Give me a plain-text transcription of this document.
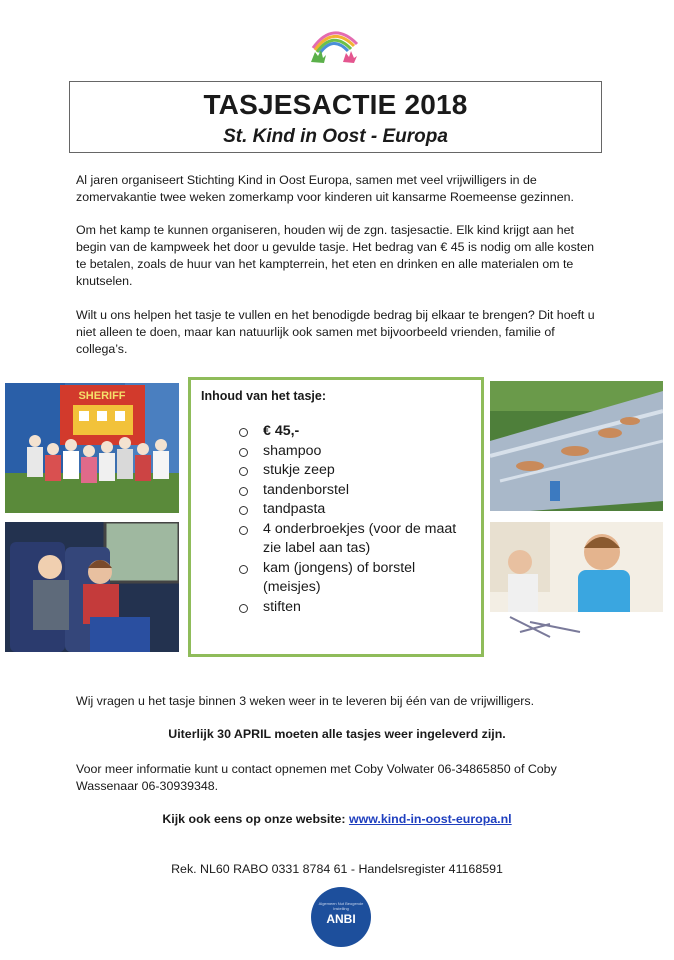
TASJESACTIE 2018
St. Kind in Oost - Europa

Al jaren organiseert Stichting Kind in Oost Europa, samen met veel vrijwilligers in de zomervakantie twee weken zomerkamp voor kinderen uit kansarme Roemeense gezinnen.

Om het kamp te kunnen organiseren, houden wij de zgn. tasjesactie. Elk kind krijgt aan het begin van de kampweek het door u gevulde tasje. Het bedrag van € 45 is nodig om alle kosten te betalen, zoals de huur van het kampterrein, het eten en drinken en alle materialen om te knutselen.

Wilt u ons helpen het tasje te vullen en het benodigde bedrag bij elkaar te brengen? Dit hoeft u niet alleen te doen, maar kan natuurlijk ook samen met bijvoorbeeld vrienden, familie of collega’s.

SHERIFF	Inhoud van het tasje:
€ 45,-
shampoo
stukje zeep
tandenborstel
tandpasta
4 onderbroekjes (voor de maat zie label aan tas)
kam (jongens) of borstel (meisjes)
stiften

Wij vragen u het tasje binnen 3 weken weer in te leveren bij één van de vrijwilligers.

Uiterlijk 30 APRIL moeten alle tasjes weer ingeleverd zijn.

Voor meer informatie kunt u contact opnemen met Coby Volwater 06-34865850 of Coby Wassenaar 06-30939348.

Kijk ook eens op onze website: www.kind-in-oost-europa.nl
Rek. NL60 RABO 0331 8784 61 - Handelsregister 41168591
Algemeen Nut Beogende Instelling
ANBI
